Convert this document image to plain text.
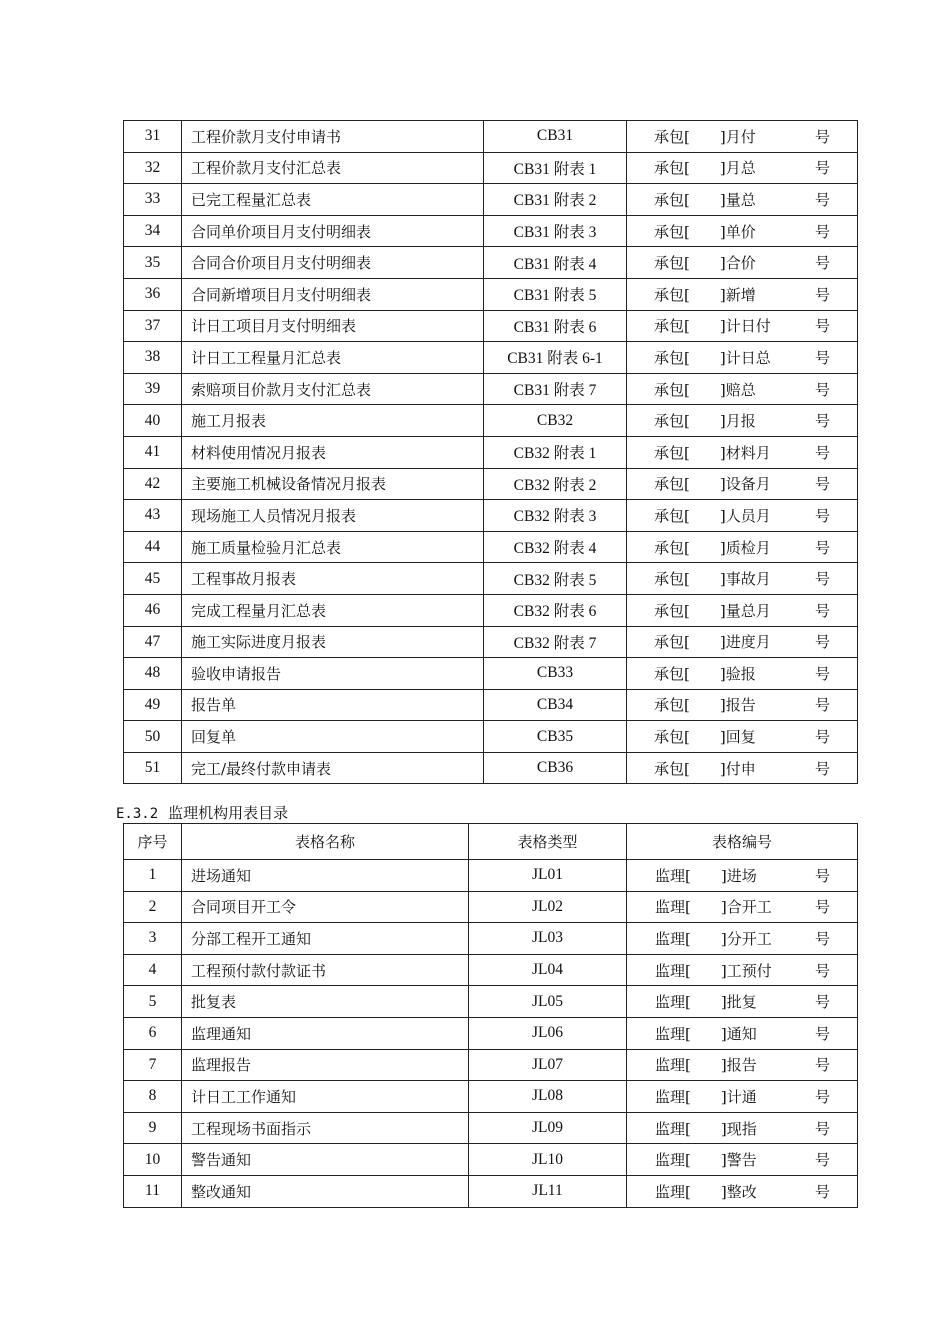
31	工程价款月支付申请书	CB31	承包[  ]月付 号

32	工程价款月支付汇总表	CB31 附表 1	承包[  ]月总 号

33	已完工程量汇总表	CB31 附表 2	承包[  ]量总 号

34	合同单价项目月支付明细表	CB31 附表 3	承包[  ]单价 号

35	合同合价项目月支付明细表	CB31 附表 4	承包[  ]合价 号

36	合同新增项目月支付明细表	CB31 附表 5	承包[  ]新增 号

37	计日工项目月支付明细表	CB31 附表 6	承包[  ]计日付 号

38	计日工工程量月汇总表	CB31 附表 6-1	承包[  ]计日总 号

39	索赔项目价款月支付汇总表	CB31 附表 7	承包[  ]赔总 号

40	施工月报表	CB32	承包[  ]月报 号

41	材料使用情况月报表	CB32 附表 1	承包[  ]材料月 号

42	主要施工机械设备情况月报表	CB32 附表 2	承包[  ]设备月 号

43	现场施工人员情况月报表	CB32 附表 3	承包[  ]人员月 号

44	施工质量检验月汇总表	CB32 附表 4	承包[  ]质检月 号

45	工程事故月报表	CB32 附表 5	承包[  ]事故月 号

46	完成工程量月汇总表	CB32 附表 6	承包[  ]量总月 号

47	施工实际进度月报表	CB32 附表 7	承包[  ]进度月 号

48	验收申请报告	CB33	承包[  ]验报 号

49	报告单	CB34	承包[  ]报告 号

50	回复单	CB35	承包[  ]回复 号

51	完工/最终付款申请表	CB36	承包[  ]付申 号
E.3.2 监理机构用表目录
序号	表格名称	表格类型	表格编号
1	进场通知	JL01	监理[  ]进场 号

2	合同项目开工令	JL02	监理[  ]合开工 号

3	分部工程开工通知	JL03	监理[  ]分开工 号

4	工程预付款付款证书	JL04	监理[  ]工预付 号

5	批复表	JL05	监理[  ]批复 号

6	监理通知	JL06	监理[  ]通知 号

7	监理报告	JL07	监理[  ]报告 号

8	计日工工作通知	JL08	监理[  ]计通 号

9	工程现场书面指示	JL09	监理[  ]现指 号

10	警告通知	JL10	监理[  ]警告 号

11	整改通知	JL11	监理[  ]整改 号
